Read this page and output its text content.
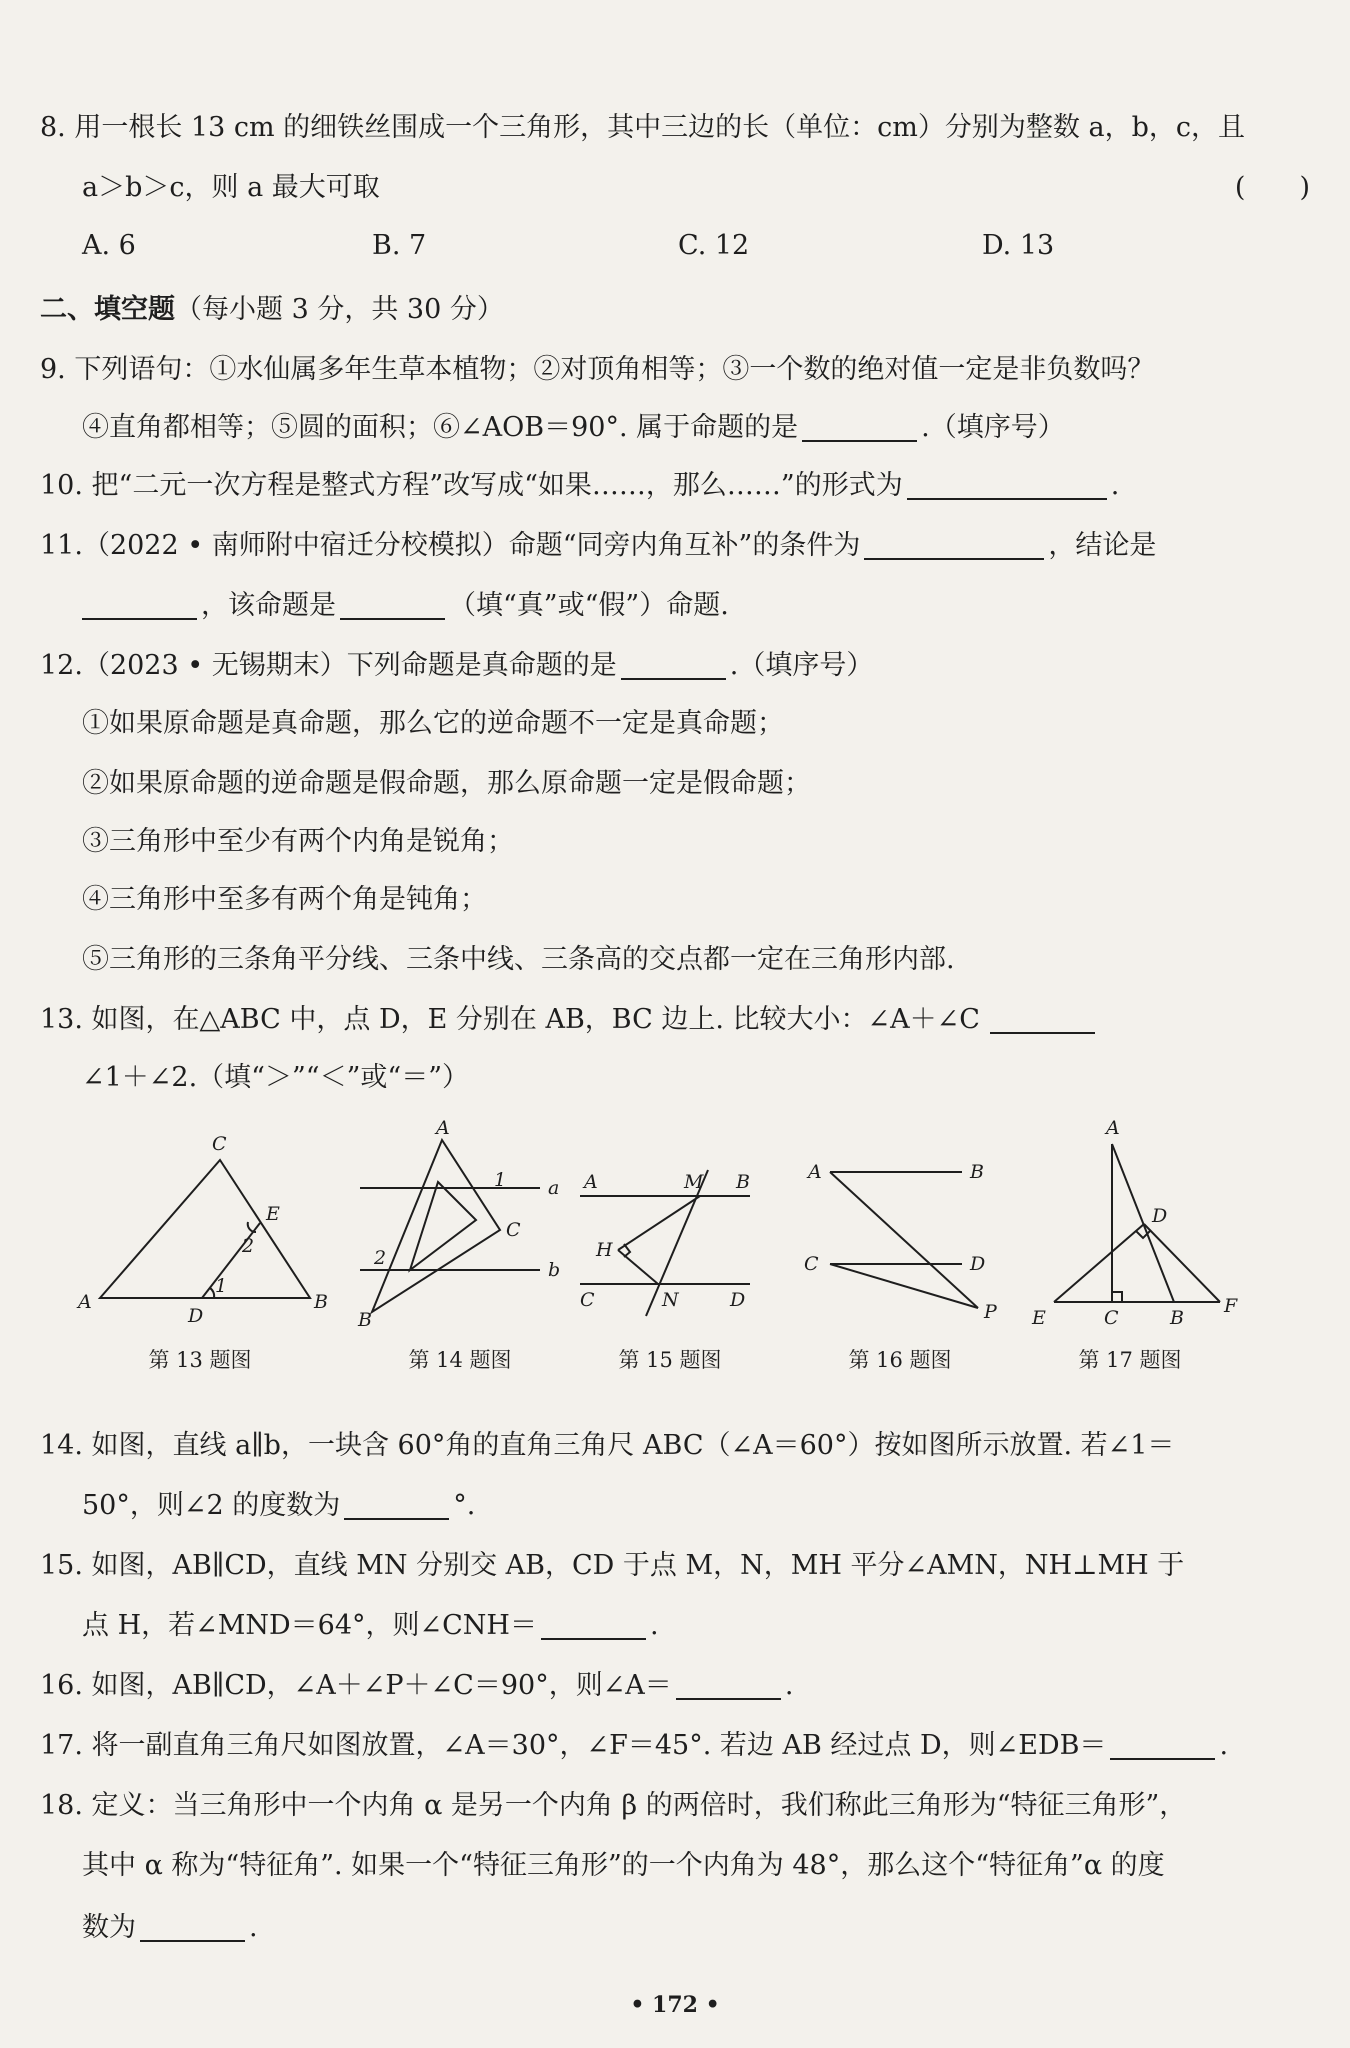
8. 用一根长 13 cm 的细铁丝围成一个三角形，其中三边的长（单位：cm）分别为整数 a，b，c，且
a＞b＞c，则 a 最大可取	(　　)
A. 6	B. 7	C. 12	D. 13
二、填空题（每小题 3 分，共 30 分）
9. 下列语句：①水仙属多年生草本植物；②对顶角相等；③一个数的绝对值一定是非负数吗？
④直角都相等；⑤圆的面积；⑥∠AOB＝90°. 属于命题的是	.（填序号）
10. 把“二元一次方程是整式方程”改写成“如果……，那么……”的形式为	.
11.（2022 • 南师附中宿迁分校模拟）命题“同旁内角互补”的条件为	，结论是
，该命题是	（填“真”或“假”）命题.
12.（2023 • 无锡期末）下列命题是真命题的是	.（填序号）
①如果原命题是真命题，那么它的逆命题不一定是真命题；
②如果原命题的逆命题是假命题，那么原命题一定是假命题；
③三角形中至少有两个内角是锐角；
④三角形中至多有两个角是钝角；
⑤三角形的三条角平分线、三条中线、三条高的交点都一定在三角形内部.
13. 如图，在△ABC 中，点 D，E 分别在 AB，BC 边上. 比较大小：∠A＋∠C
∠1＋∠2.（填“＞”“＜”或“＝”）
C
E
2
A
D
1
B
第 13 题图
1
A
a
C
2
b
B
第 14 题图
A	M B
H
C	N	D
第 15 题图
A	B
C	D
P
第 16 题图
A
D
E	C	B
F
第 17 题图
14. 如图，直线 a∥b，一块含 60°角的直角三角尺 ABC（∠A＝60°）按如图所示放置. 若∠1＝
50°，则∠2 的度数为	°.
15. 如图，AB∥CD，直线 MN 分别交 AB，CD 于点 M，N，MH 平分∠AMN，NH⊥MH 于
点 H，若∠MND＝64°，则∠CNH＝	.
16. 如图，AB∥CD，∠A＋∠P＋∠C＝90°，则∠A＝	.
17. 将一副直角三角尺如图放置，∠A＝30°，∠F＝45°. 若边 AB 经过点 D，则∠EDB＝	.
18. 定义：当三角形中一个内角 α 是另一个内角 β 的两倍时，我们称此三角形为“特征三角形”，
其中 α 称为“特征角”. 如果一个“特征三角形”的一个内角为 48°，那么这个“特征角”α 的度
数为	.
• 172 •
